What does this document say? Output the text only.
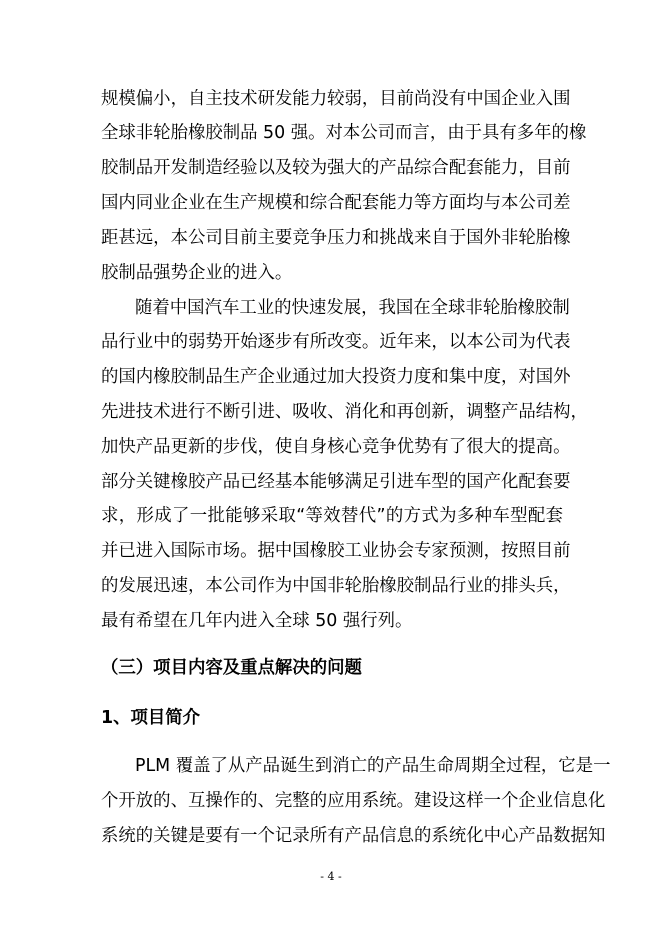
规模偏小，自主技术研发能力较弱，目前尚没有中国企业入围
全球非轮胎橡胶制品 50 强。对本公司而言，由于具有多年的橡
胶制品开发制造经验以及较为强大的产品综合配套能力，目前
国内同业企业在生产规模和综合配套能力等方面均与本公司差
距甚远，本公司目前主要竞争压力和挑战来自于国外非轮胎橡
胶制品强势企业的进入。
随着中国汽车工业的快速发展，我国在全球非轮胎橡胶制
品行业中的弱势开始逐步有所改变。近年来，以本公司为代表
的国内橡胶制品生产企业通过加大投资力度和集中度，对国外
先进技术进行不断引进、吸收、消化和再创新，调整产品结构，
加快产品更新的步伐，使自身核心竞争优势有了很大的提高。
部分关键橡胶产品已经基本能够满足引进车型的国产化配套要
求，形成了一批能够采取“等效替代”的方式为多种车型配套
并已进入国际市场。据中国橡胶工业协会专家预测，按照目前
的发展迅速，本公司作为中国非轮胎橡胶制品行业的排头兵，
最有希望在几年内进入全球 50 强行列。
（三）项目内容及重点解决的问题
1、项目简介
PLM 覆盖了从产品诞生到消亡的产品生命周期全过程，它是一
个开放的、互操作的、完整的应用系统。建设这样一个企业信息化
系统的关键是要有一个记录所有产品信息的系统化中心产品数据知
- 4 -
